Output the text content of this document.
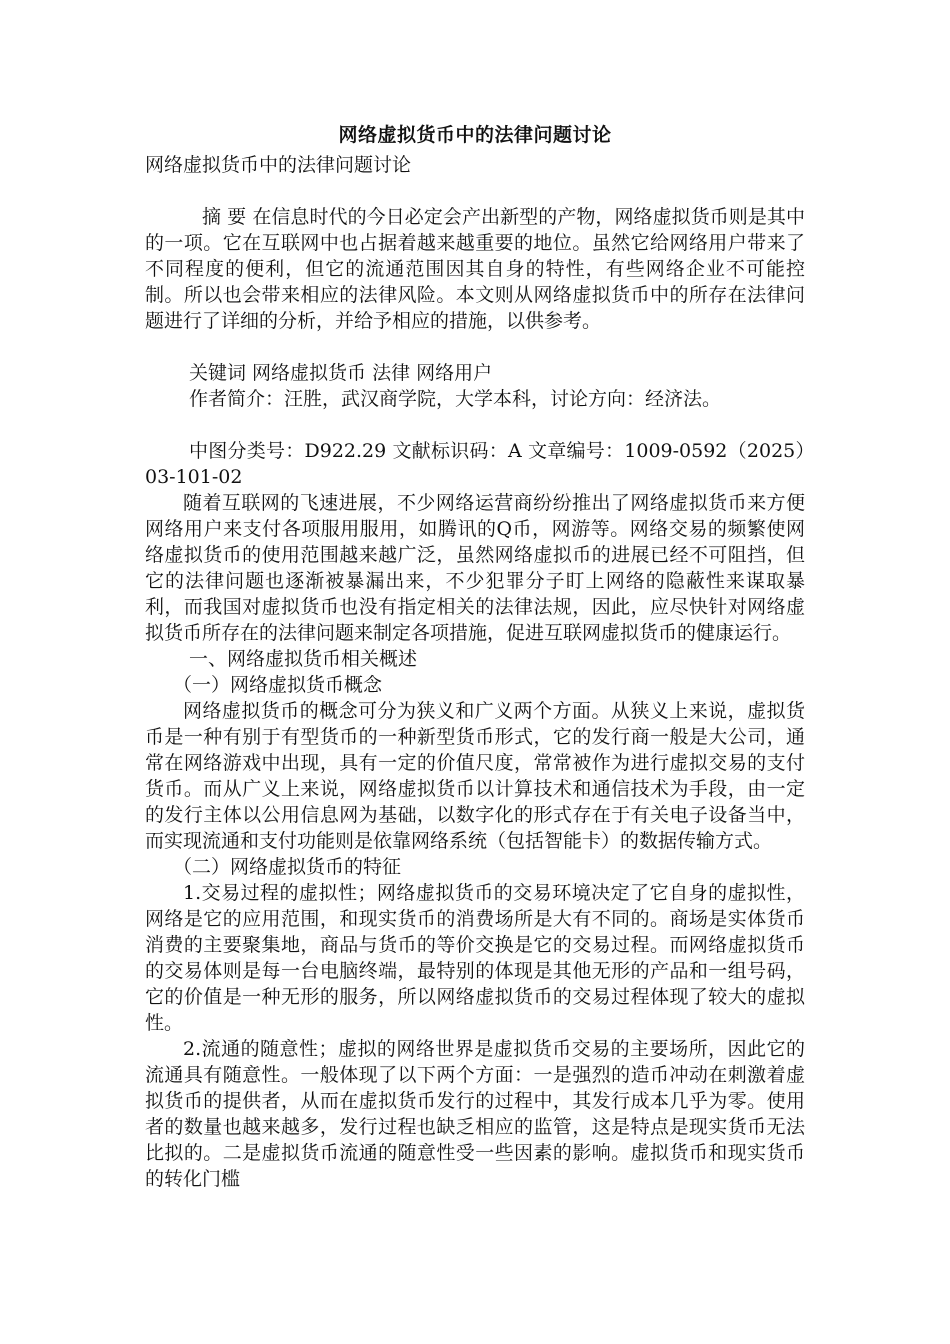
网络虚拟货币中的法律问题讨论
网络虚拟货币中的法律问题讨论

摘 要 在信息时代的今日必定会产出新型的产物，网络虚拟货币则是其中的一项。它在互联网中也占据着越来越重要的地位。虽然它给网络用户带来了不同程度的便利，但它的流通范围因其自身的特性，有些网络企业不可能控制。所以也会带来相应的法律风险。本文则从网络虚拟货币中的所存在法律问题进行了详细的分析，并给予相应的措施，以供参考。

关键词 网络虚拟货币 法律 网络用户
作者简介：汪胜，武汉商学院，大学本科，讨论方向：经济法。

中图分类号：D922.29 文献标识码：A 文章编号：1009-0592（2025）03-101-02

随着互联网的飞速进展，不少网络运营商纷纷推出了网络虚拟货币来方便网络用户来支付各项服用服用，如腾讯的Q币，网游等。网络交易的频繁使网络虚拟货币的使用范围越来越广泛，虽然网络虚拟币的进展已经不可阻挡，但它的法律问题也逐渐被暴漏出来，不少犯罪分子盯上网络的隐蔽性来谋取暴利，而我国对虚拟货币也没有指定相关的法律法规，因此，应尽快针对网络虚拟货币所存在的法律问题来制定各项措施，促进互联网虚拟货币的健康运行。

一、网络虚拟货币相关概述
（一）网络虚拟货币概念

网络虚拟货币的概念可分为狭义和广义两个方面。从狭义上来说，虚拟货币是一种有别于有型货币的一种新型货币形式，它的发行商一般是大公司，通常在网络游戏中出现，具有一定的价值尺度，常常被作为进行虚拟交易的支付货币。而从广义上来说，网络虚拟货币以计算技术和通信技术为手段，由一定的发行主体以公用信息网为基础，以数字化的形式存在于有关电子设备当中，而实现流通和支付功能则是依靠网络系统（包括智能卡）的数据传输方式。

（二）网络虚拟货币的特征

1.交易过程的虚拟性；网络虚拟货币的交易环境决定了它自身的虚拟性，网络是它的应用范围，和现实货币的消费场所是大有不同的。商场是实体货币消费的主要聚集地，商品与货币的等价交换是它的交易过程。而网络虚拟货币的交易体则是每一台电脑终端，最特别的体现是其他无形的产品和一组号码，它的价值是一种无形的服务，所以网络虚拟货币的交易过程体现了较大的虚拟性。

2.流通的随意性；虚拟的网络世界是虚拟货币交易的主要场所，因此它的流通具有随意性。一般体现了以下两个方面：一是强烈的造币冲动在刺激着虚拟货币的提供者，从而在虚拟货币发行的过程中，其发行成本几乎为零。使用者的数量也越来越多，发行过程也缺乏相应的监管，这是特点是现实货币无法比拟的。二是虚拟货币流通的随意性受一些因素的影响。虚拟货币和现实货币的转化门槛
